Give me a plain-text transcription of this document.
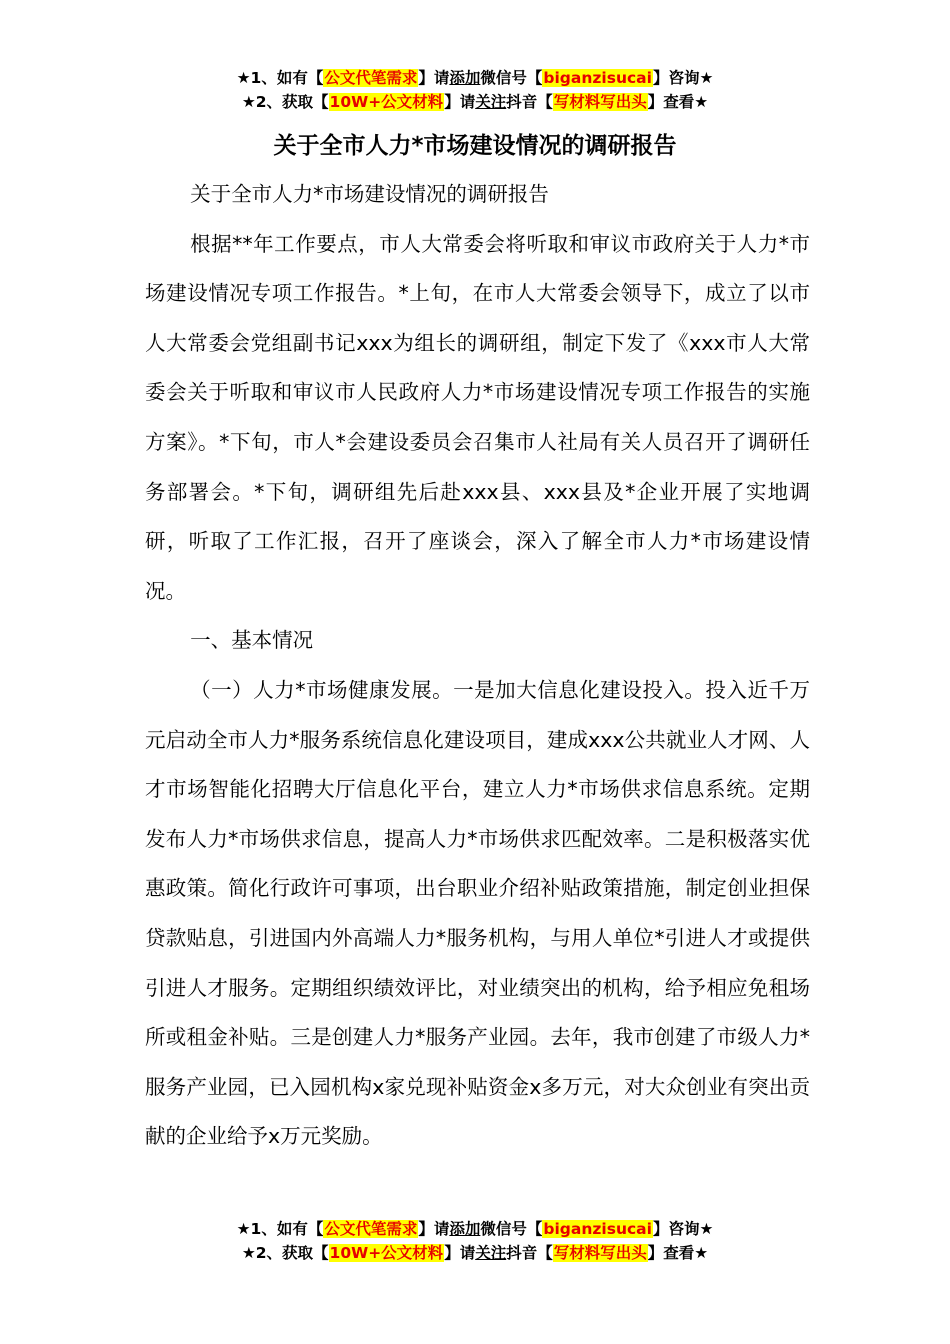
★1、如有【公文代笔需求】请添加微信号【biganzisucai】咨询★
★2、获取【10W+公文材料】请关注抖音【写材料写出头】查看★
关于全市人力*市场建设情况的调研报告

关于全市人力*市场建设情况的调研报告

根据**年工作要点，市人大常委会将听取和审议市政府关于人力*市场建设情况专项工作报告。*上旬，在市人大常委会领导下，成立了以市人大常委会党组副书记xxx为组长的调研组，制定下发了《xxx市人大常委会关于听取和审议市人民政府人力*市场建设情况专项工作报告的实施方案》。*下旬，市人*会建设委员会召集市人社局有关人员召开了调研任务部署会。*下旬，调研组先后赴xxx县、xxx县及*企业开展了实地调研，听取了工作汇报，召开了座谈会，深入了解全市人力*市场建设情况。

一、基本情况

（一）人力*市场健康发展。一是加大信息化建设投入。投入近千万元启动全市人力*服务系统信息化建设项目，建成xxx公共就业人才网、人才市场智能化招聘大厅信息化平台，建立人力*市场供求信息系统。定期发布人力*市场供求信息，提高人力*市场供求匹配效率。二是积极落实优惠政策。简化行政许可事项，出台职业介绍补贴政策措施，制定创业担保贷款贴息，引进国内外高端人力*服务机构，与用人单位*引进人才或提供引进人才服务。定期组织绩效评比，对业绩突出的机构，给予相应免租场所或租金补贴。三是创建人力*服务产业园。去年，我市创建了市级人力*服务产业园，已入园机构x家兑现补贴资金x多万元，对大众创业有突出贡献的企业给予x万元奖励。

★1、如有【公文代笔需求】请添加微信号【biganzisucai】咨询★
★2、获取【10W+公文材料】请关注抖音【写材料写出头】查看★
